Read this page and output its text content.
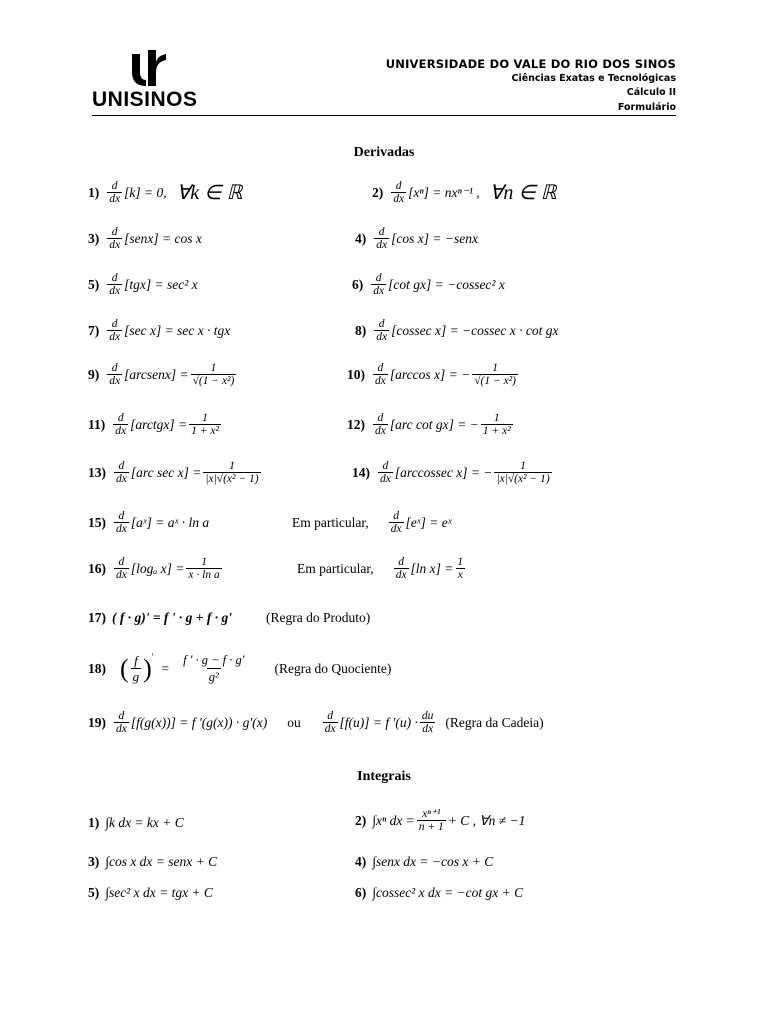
UNISINOS
UNIVERSIDADE DO VALE DO RIO DOS SINOS
Ciências Exatas e Tecnológicas
Cálculo II
Formulário
Derivadas
$1) \frac{d}{dx} [k] = 0$, ∀k ∈ ℝ	$2) \frac{d}{dx} [x^n] = nx^{n-1}$ , ∀n ∈ ℝ
$3) \frac{d}{dx}$ [senx] = cos x	$4) \frac{d}{dx} [\cos$ x] = −senx
$5) \frac{d}{dx} [tgx] = \sec^2$ x	$6) \frac{d}{dx} [\cot$ gx] = −cossec² x
$7) \frac{d}{dx} [\sec$ x] = sec x · tgx	$8) \frac{d}{dx} [cossec$ x] = −cossec x · cot gx
$9) \frac{d}{dx}$ [arcsenx] = $\frac{1}{\text{√(1 − x²)}}$	$10) \frac{d}{dx} [\arccos$ x] = − $\frac{1}{\text{√(1 − x²)}}$
$11) \frac{d}{dx}$ [arctgx] = $\frac{1}{\text{1 + x²}}$	$12) \frac{d}{dx} [arc$ cot gx] = − $\frac{1}{\text{1 + x²}}$
$13) \frac{d}{dx} [arc$ $\sec x] = \frac{1}{\text{|x|√(x² − 1)}}$	$14) \frac{d}{dx}$ [arccossec x] = − $\frac{1}{\text{|x|√(x² − 1)}}$
$15) \frac{d}{dx}$ [aˣ] = aˣ · ln a	Em particular, $\frac{d}{dx}$ [eˣ] = eˣ
$16) \frac{d}{dx} [\log_a$ $x] = \frac{1}{\text{x · ln a}}$	Em particular, $\frac{d}{dx} [\ln$ $x] = \frac{1}{x}$
17) ( f · g)' = f ' · g + f · g'	(Regra do Produto)
18) ( $\frac{f}{g}$ ) '
= $\frac{f ' \cdot g - f \cdot g'}{\text{g²}}$ (Regra do Quociente)
$19) \frac{d}{dx} [f(g(x))] = f$ '(g(x)) · g'(x) ou $\frac{d}{dx} [f(u)] = f$ '$(u) \cdot \frac{du}{dx}$ (Regra da Cadeia)
Integrais
1) ∫k dx = kx + C	2) ∫xⁿ dx = $\frac{\text{xⁿ⁺¹}}{n + 1} + C$ , ∀n ≠ −1
3) ∫cos x dx = senx + C	4) ∫senx dx = −cos x + C
5) ∫sec² x dx = tgx + C	6) ∫cossec² x dx = −cot gx + C
